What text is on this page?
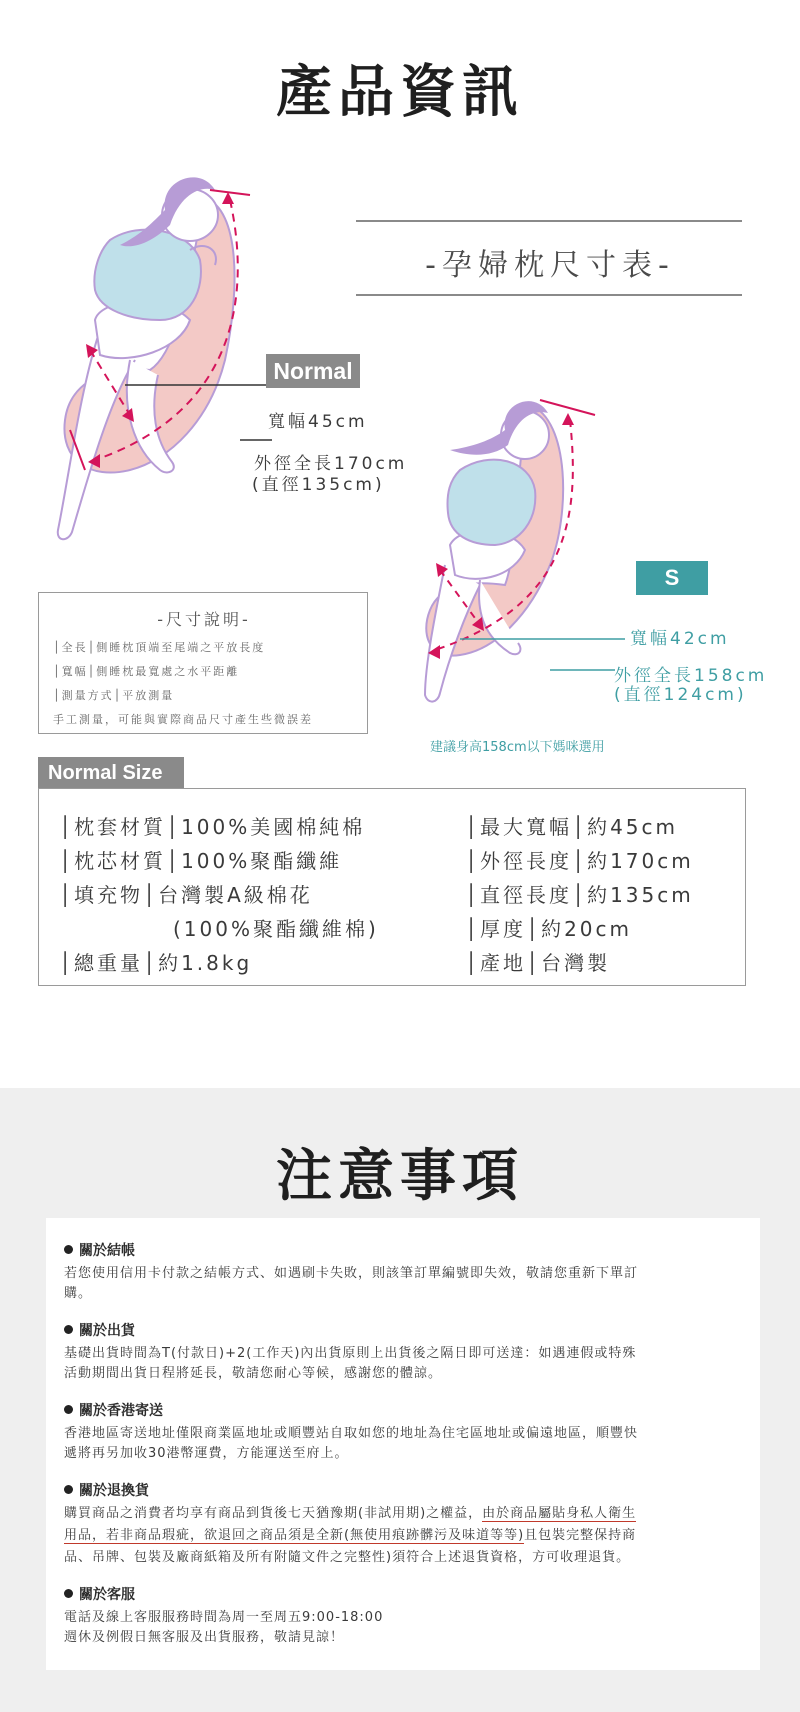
產品資訊
-孕婦枕尺寸表-
Normal
寬幅45cm
外徑全長170cm
(直徑135cm)
S
寬幅42cm
外徑全長158cm
(直徑124cm)
建議身高158cm以下媽咪選用
-尺寸說明-
│全長│側睡枕頂端至尾端之平放長度
│寬幅│側睡枕最寬處之水平距離
│測量方式│平放測量
手工測量，可能與實際商品尺寸產生些微誤差
Normal Size
│枕套材質│100%美國棉純棉
│枕芯材質│100%聚酯纖維
│填充物│台灣製A級棉花
(100%聚酯纖維棉)
│總重量│約1.8kg
│最大寬幅│約45cm
│外徑長度│約170cm
│直徑長度│約135cm
│厚度│約20cm
│產地│台灣製
注意事項
關於結帳
若您使用信用卡付款之結帳方式、如遇刷卡失敗，則該筆訂單編號即失效，敬請您重新下單訂
購。
關於出貨
基礎出貨時間為T(付款日)+2(工作天)內出貨原則上出貨後之隔日即可送達：如遇連假或特殊
活動期間出貨日程將延長，敬請您耐心等候，感謝您的體諒。
關於香港寄送
香港地區寄送地址僅限商業區地址或順豐站自取如您的地址為住宅區地址或偏遠地區，順豐快
遞將再另加收30港幣運費，方能運送至府上。
關於退換貨
購買商品之消費者均享有商品到貨後七天猶豫期(非試用期)之權益，由於商品屬貼身私人衛生
用品，若非商品瑕疵，欲退回之商品須是全新(無使用痕跡髒污及味道等等)且包裝完整保持商
品、吊牌、包裝及廠商紙箱及所有附隨文件之完整性)須符合上述退貨資格，方可收理退貨。
關於客服
電話及線上客服服務時間為周一至周五9:00-18:00
週休及例假日無客服及出貨服務，敬請見諒！
